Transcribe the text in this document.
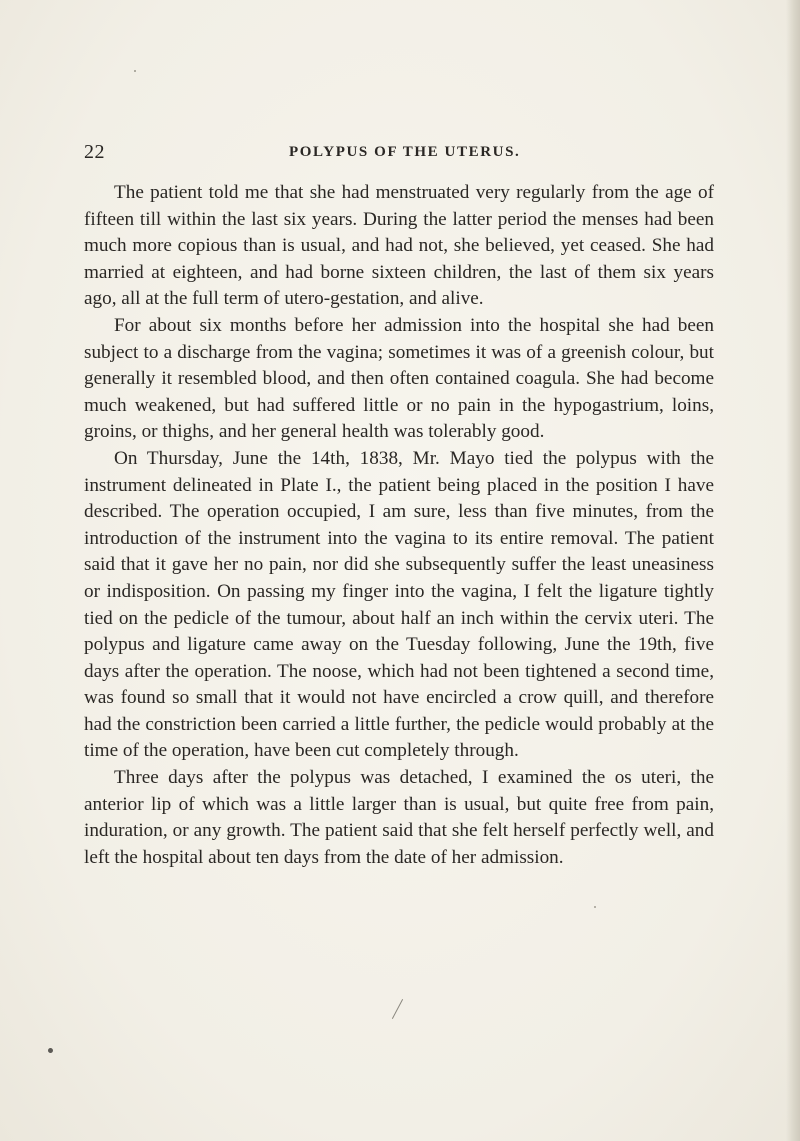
22	POLYPUS OF THE UTERUS.

The patient told me that she had menstruated very regularly from the age of fifteen till within the last six years. During the latter period the menses had been much more copious than is usual, and had not, she believed, yet ceased. She had married at eighteen, and had borne sixteen children, the last of them six years ago, all at the full term of utero-gestation, and alive.

For about six months before her admission into the hospital she had been subject to a discharge from the vagina; sometimes it was of a greenish colour, but generally it resembled blood, and then often contained coagula. She had become much weakened, but had suffered little or no pain in the hypogastrium, loins, groins, or thighs, and her general health was tolerably good.

On Thursday, June the 14th, 1838, Mr. Mayo tied the polypus with the instrument delineated in Plate I., the patient being placed in the position I have described. The operation occupied, I am sure, less than five minutes, from the introduction of the instrument into the vagina to its entire removal. The patient said that it gave her no pain, nor did she subsequently suffer the least uneasiness or indisposition. On passing my finger into the vagina, I felt the ligature tightly tied on the pedicle of the tumour, about half an inch within the cervix uteri. The polypus and ligature came away on the Tuesday following, June the 19th, five days after the operation. The noose, which had not been tightened a second time, was found so small that it would not have encircled a crow quill, and therefore had the constriction been carried a little further, the pedicle would probably at the time of the operation, have been cut completely through.

Three days after the polypus was detached, I examined the os uteri, the anterior lip of which was a little larger than is usual, but quite free from pain, induration, or any growth. The patient said that she felt herself perfectly well, and left the hospital about ten days from the date of her admission.
